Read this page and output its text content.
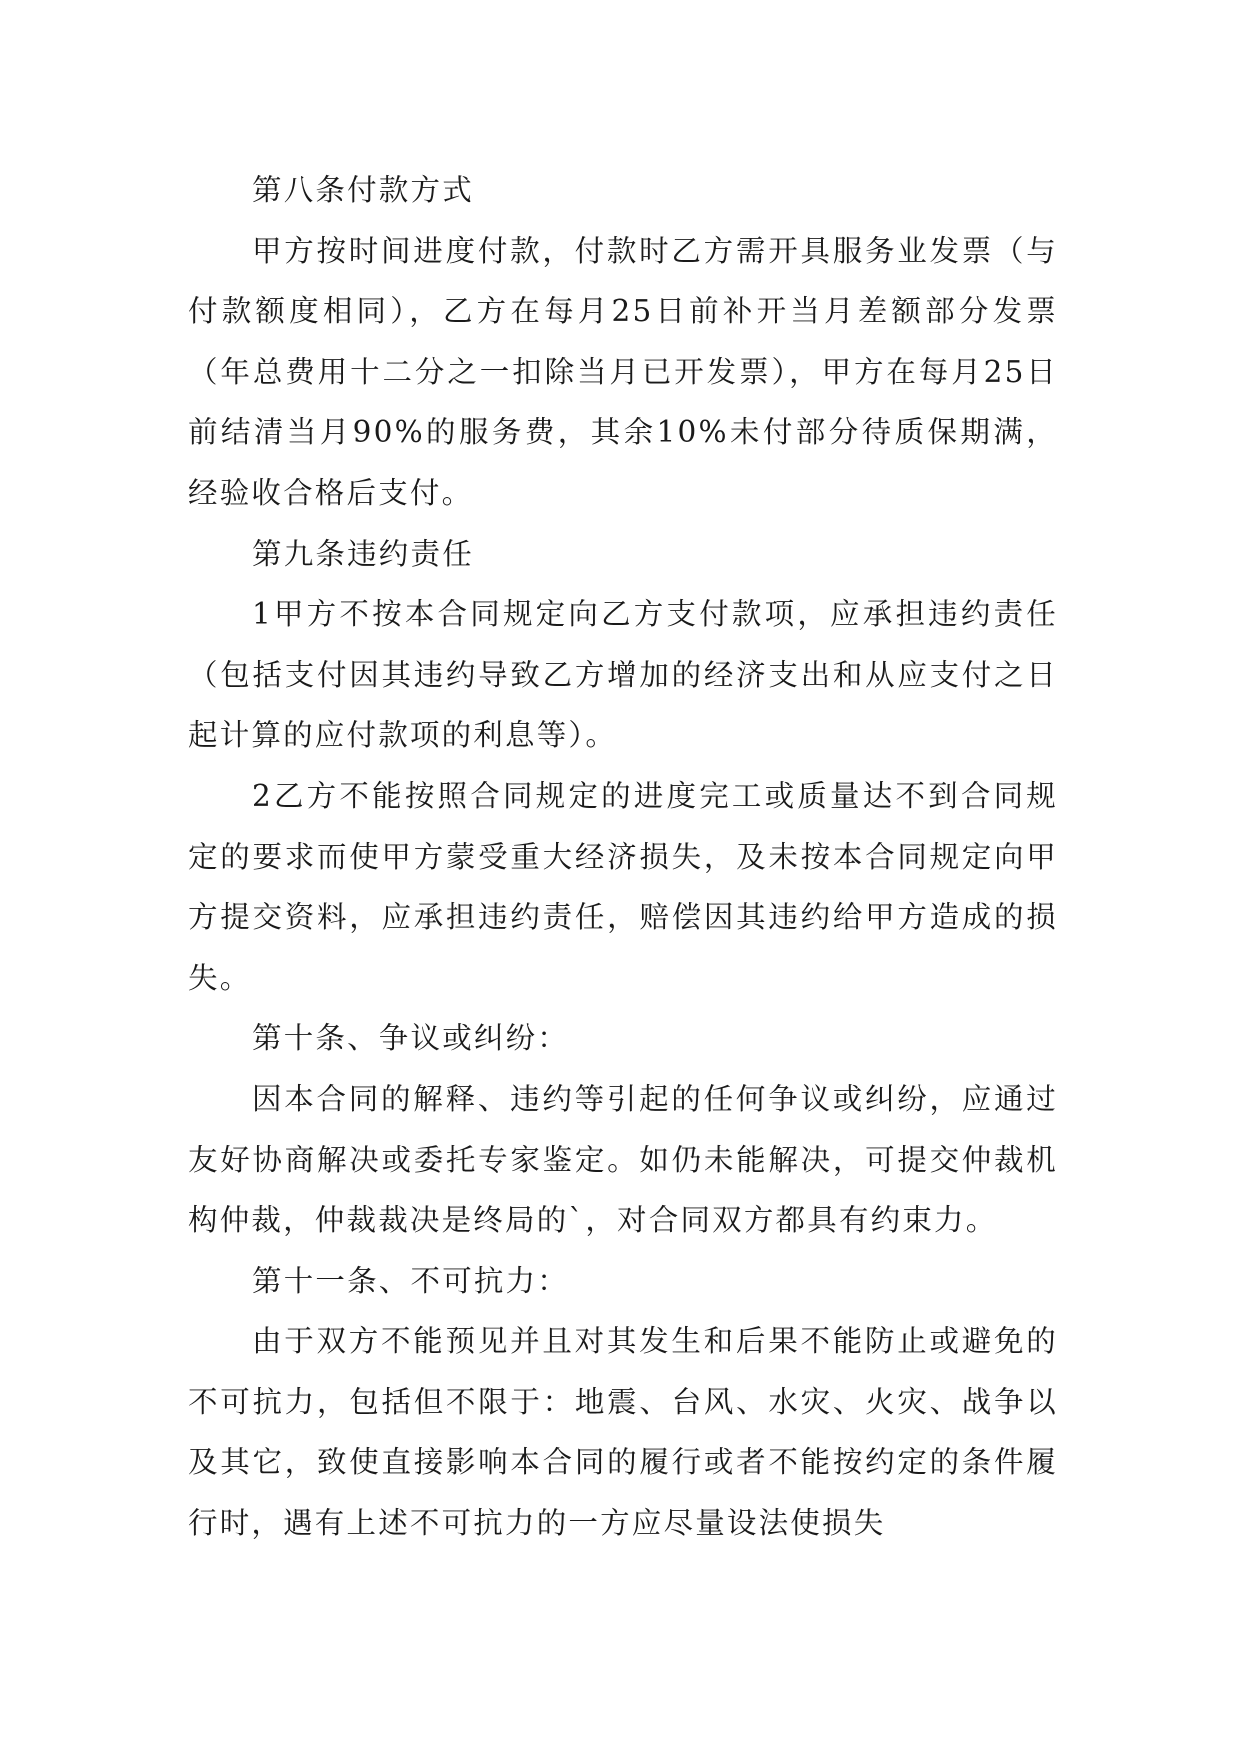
第八条付款方式

甲方按时间进度付款，付款时乙方需开具服务业发票（与付款额度相同），乙方在每月25日前补开当月差额部分发票（年总费用十二分之一扣除当月已开发票），甲方在每月25日前结清当月90%的服务费，其余10%未付部分待质保期满，经验收合格后支付。

第九条违约责任

1甲方不按本合同规定向乙方支付款项，应承担违约责任（包括支付因其违约导致乙方增加的经济支出和从应支付之日起计算的应付款项的利息等）。

2乙方不能按照合同规定的进度完工或质量达不到合同规定的要求而使甲方蒙受重大经济损失，及未按本合同规定向甲方提交资料，应承担违约责任，赔偿因其违约给甲方造成的损失。

第十条、争议或纠纷：

因本合同的解释、违约等引起的任何争议或纠纷，应通过友好协商解决或委托专家鉴定。如仍未能解决，可提交仲裁机构仲裁，仲裁裁决是终局的`，对合同双方都具有约束力。

第十一条、不可抗力：

由于双方不能预见并且对其发生和后果不能防止或避免的不可抗力，包括但不限于：地震、台风、水灾、火灾、战争以及其它，致使直接影响本合同的履行或者不能按约定的条件履行时，遇有上述不可抗力的一方应尽量设法使损失
